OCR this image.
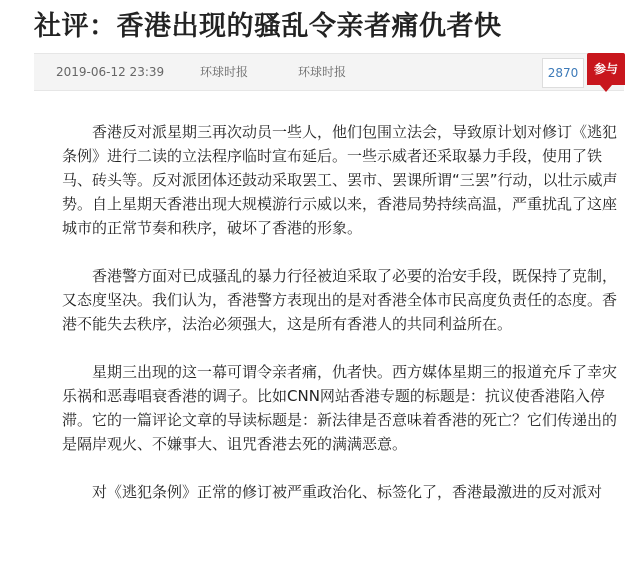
社评：香港出现的骚乱令亲者痛仇者快
2019-06-12 23:39	环球时报	环球时报	2870	参与

香港反对派星期三再次动员一些人，他们包围立法会，导致原计划对修订《逃犯条例》进行二读的立法程序临时宣布延后。一些示威者还采取暴力手段，使用了铁马、砖头等。反对派团体还鼓动采取罢工、罢市、罢课所谓“三罢”行动，以壮示威声势。自上星期天香港出现大规模游行示威以来，香港局势持续高温，严重扰乱了这座城市的正常节奏和秩序，破坏了香港的形象。

香港警方面对已成骚乱的暴力行径被迫采取了必要的治安手段，既保持了克制，又态度坚决。我们认为，香港警方表现出的是对香港全体市民高度负责任的态度。香港不能失去秩序，法治必须强大，这是所有香港人的共同利益所在。

星期三出现的这一幕可谓令亲者痛，仇者快。西方媒体星期三的报道充斥了幸灾乐祸和恶毒唱衰香港的调子。比如CNN网站香港专题的标题是：抗议使香港陷入停滞。它的一篇评论文章的导读标题是：新法律是否意味着香港的死亡？它们传递出的是隔岸观火、不嫌事大、诅咒香港去死的满满恶意。

对《逃犯条例》正常的修订被严重政治化、标签化了，香港最激进的反对派对
